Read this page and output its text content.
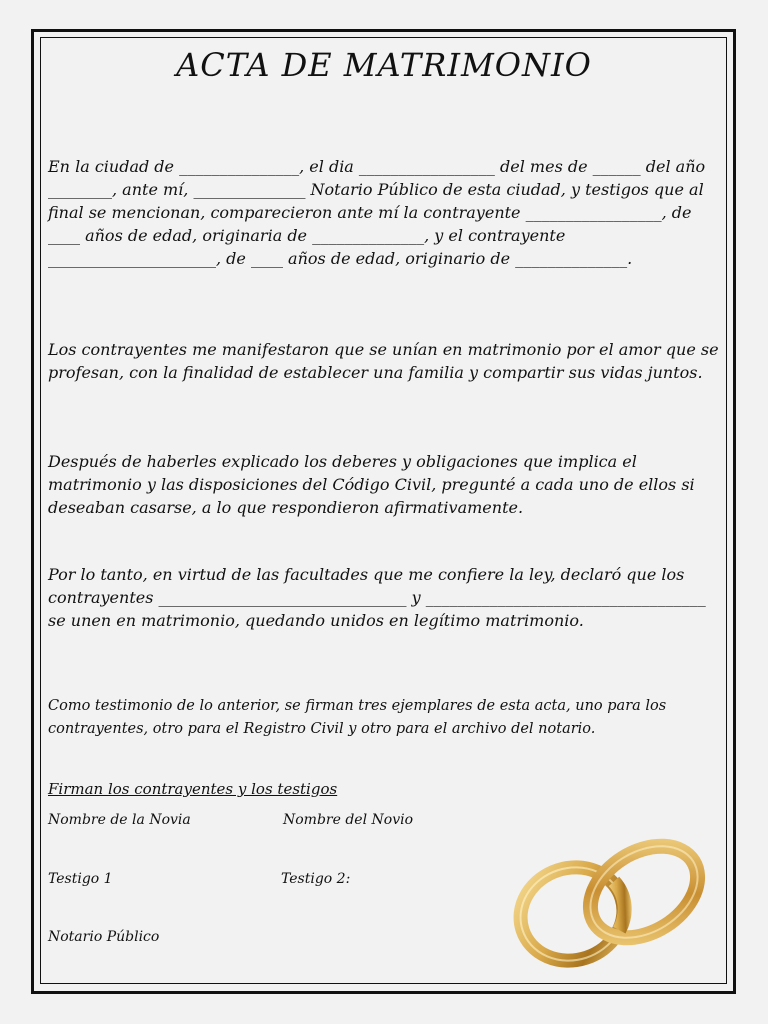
ACTA DE MATRIMONIO

En la ciudad de _______________, el dia _________________ del mes de ______ del año ________, ante mí, ______________ Notario Público de esta ciudad, y testigos que al final se mencionan, comparecieron ante mí la contrayente _________________, de ____ años de edad, originaria de ______________, y el contrayente _____________________, de ____ años de edad, originario de ______________.

Los contrayentes me manifestaron que se unían en matrimonio por el amor que se profesan, con la finalidad de establecer una familia y compartir sus vidas juntos.

Después de haberles explicado los deberes y obligaciones que implica el matrimonio y las disposiciones del Código Civil, pregunté a cada uno de ellos si deseaban casarse, a lo que respondieron afirmativamente.

Por lo tanto, en virtud de las facultades que me confiere la ley, declaró que los contrayentes _______________________________ y ___________________________________ se unen en matrimonio, quedando unidos en legítimo matrimonio.

Como testimonio de lo anterior, se firman tres ejemplares de esta acta, uno para los contrayentes, otro para el Registro Civil y otro para el archivo del notario.

Firman los contrayentes y los testigos
Nombre de la Novia	Nombre del Novio
Testigo 1	Testigo 2:
Notario Público
